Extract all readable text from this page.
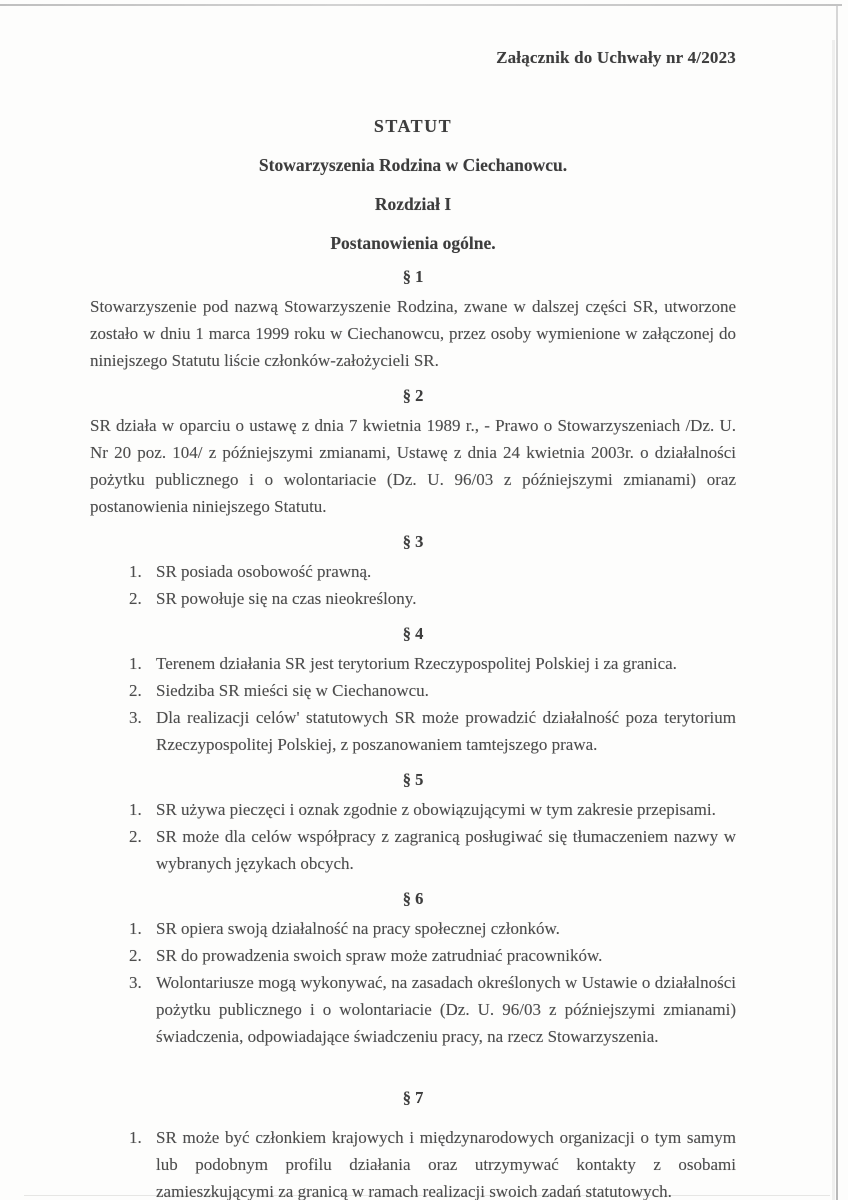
Załącznik do Uchwały nr 4/2023
STATUT
Stowarzyszenia Rodzina w Ciechanowcu.
Rozdział I
Postanowienia ogólne.
§ 1

Stowarzyszenie pod nazwą Stowarzyszenie Rodzina, zwane w dalszej części SR, utworzone zostało w dniu 1 marca 1999 roku w Ciechanowcu, przez osoby wymienione w załączonej do niniejszego Statutu liście członków-założycieli SR.

§ 2

SR działa w oparciu o ustawę z dnia 7 kwietnia 1989 r., - Prawo o Stowarzyszeniach /Dz. U. Nr 20 poz. 104/ z późniejszymi zmianami, Ustawę z dnia 24 kwietnia 2003r. o działalności pożytku publicznego i o wolontariacie (Dz. U. 96/03 z późniejszymi zmianami) oraz postanowienia niniejszego Statutu.

§ 3
1. SR posiada osobowość prawną.
2. SR powołuje się na czas nieokreślony.
§ 4
1. Terenem działania SR jest terytorium Rzeczypospolitej Polskiej i za granica.
2. Siedziba SR mieści się w Ciechanowcu.
3. Dla realizacji celów' statutowych SR może prowadzić działalność poza terytorium Rzeczypospolitej Polskiej, z poszanowaniem tamtejszego prawa.
§ 5
1. SR używa pieczęci i oznak zgodnie z obowiązującymi w tym zakresie przepisami.
2. SR może dla celów współpracy z zagranicą posługiwać się tłumaczeniem nazwy w wybranych językach obcych.
§ 6
1. SR opiera swoją działalność na pracy społecznej członków.
2. SR do prowadzenia swoich spraw może zatrudniać pracowników.
3. Wolontariusze mogą wykonywać, na zasadach określonych w Ustawie o działalności pożytku publicznego i o wolontariacie (Dz. U. 96/03 z późniejszymi zmianami) świadczenia, odpowiadające świadczeniu pracy, na rzecz Stowarzyszenia.
§ 7
1. SR może być członkiem krajowych i międzynarodowych organizacji o tym samym lub podobnym profilu działania oraz utrzymywać kontakty z osobami zamieszkującymi za granicą w ramach realizacji swoich zadań statutowych.
